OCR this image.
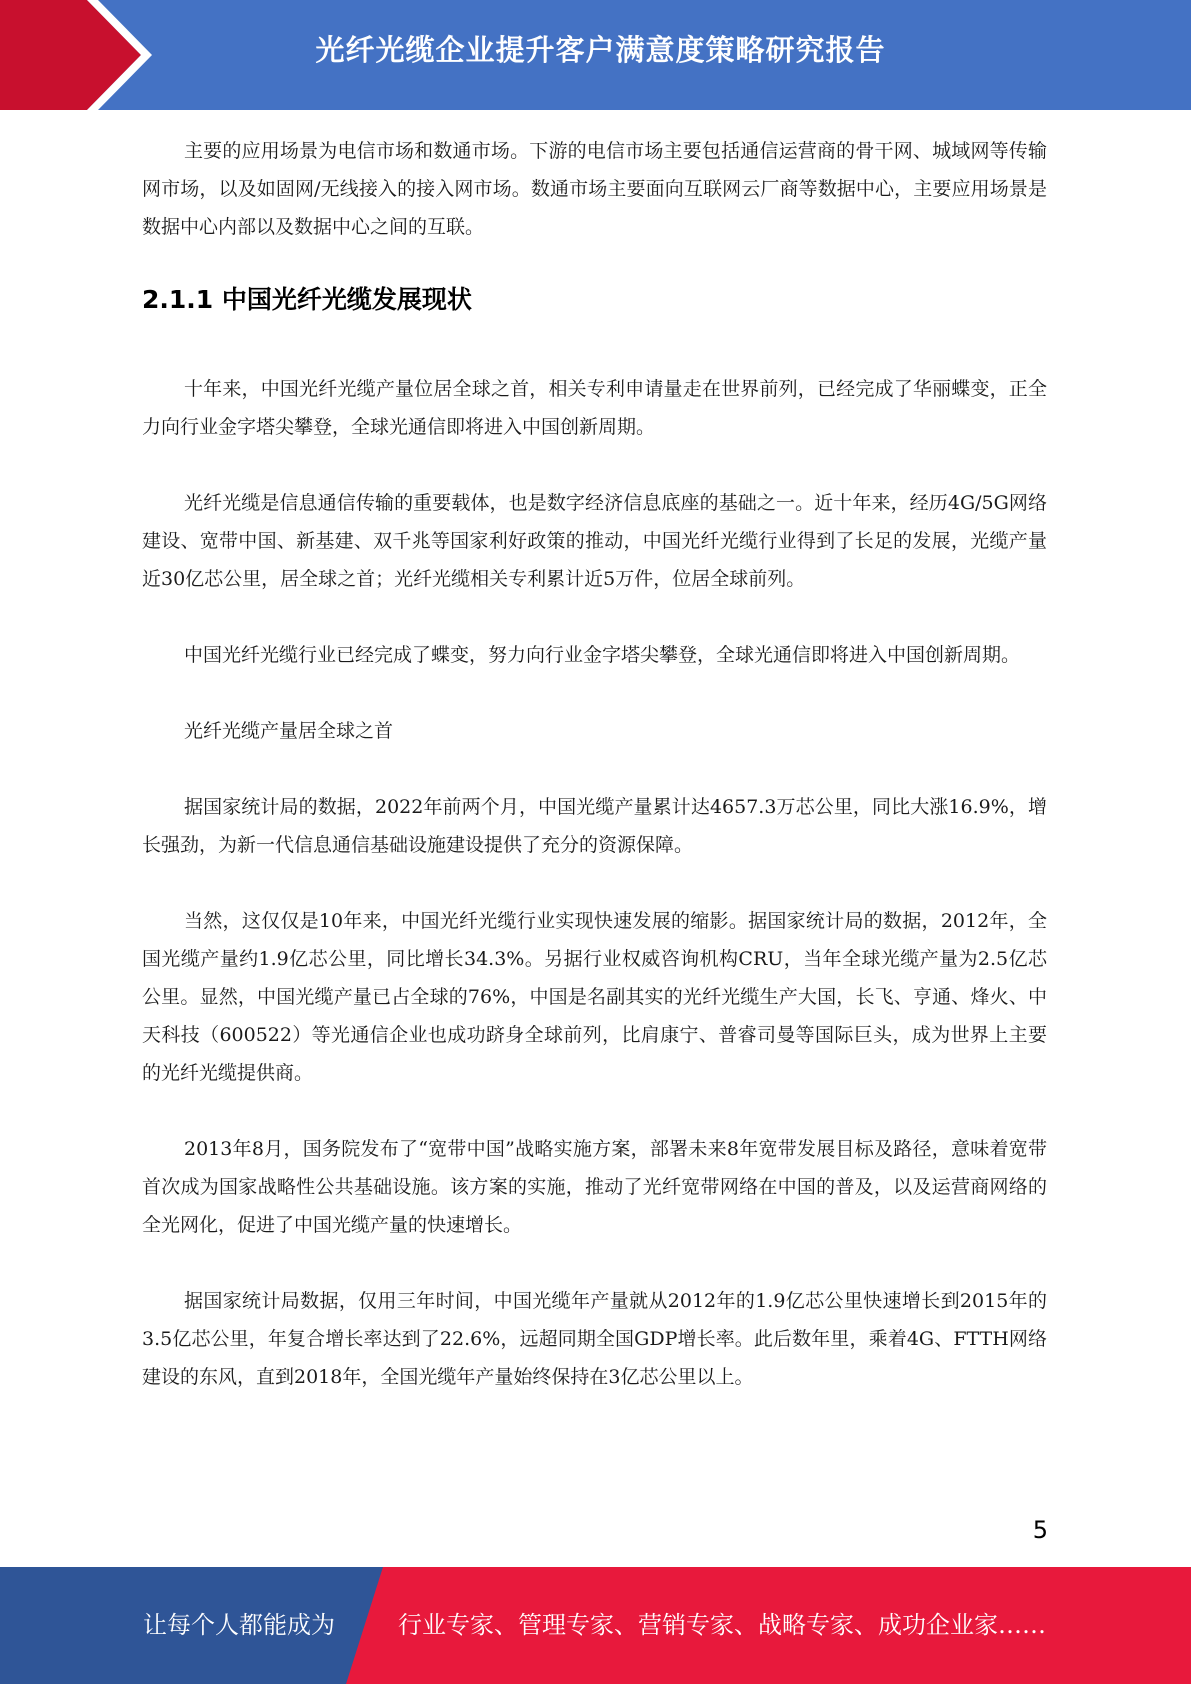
光纤光缆企业提升客户满意度策略研究报告

主要的应用场景为电信市场和数通市场。下游的电信市场主要包括通信运营商的骨干网、城域网等传输网市场，以及如固网/无线接入的接入网市场。数通市场主要面向互联网云厂商等数据中心，主要应用场景是数据中心内部以及数据中心之间的互联。

2.1.1 中国光纤光缆发展现状

十年来，中国光纤光缆产量位居全球之首，相关专利申请量走在世界前列，已经完成了华丽蝶变，正全力向行业金字塔尖攀登，全球光通信即将进入中国创新周期。

光纤光缆是信息通信传输的重要载体，也是数字经济信息底座的基础之一。近十年来，经历4G/5G网络建设、宽带中国、新基建、双千兆等国家利好政策的推动，中国光纤光缆行业得到了长足的发展，光缆产量近30亿芯公里，居全球之首；光纤光缆相关专利累计近5万件，位居全球前列。

中国光纤光缆行业已经完成了蝶变，努力向行业金字塔尖攀登，全球光通信即将进入中国创新周期。

光纤光缆产量居全球之首

据国家统计局的数据，2022年前两个月，中国光缆产量累计达4657.3万芯公里，同比大涨16.9%，增长强劲，为新一代信息通信基础设施建设提供了充分的资源保障。

当然，这仅仅是10年来，中国光纤光缆行业实现快速发展的缩影。据国家统计局的数据，2012年，全国光缆产量约1.9亿芯公里，同比增长34.3%。另据行业权威咨询机构CRU，当年全球光缆产量为2.5亿芯公里。显然，中国光缆产量已占全球的76%，中国是名副其实的光纤光缆生产大国，长飞、亨通、烽火、中天科技（600522）等光通信企业也成功跻身全球前列，比肩康宁、普睿司曼等国际巨头，成为世界上主要的光纤光缆提供商。

2013年8月，国务院发布了“宽带中国”战略实施方案，部署未来8年宽带发展目标及路径，意味着宽带首次成为国家战略性公共基础设施。该方案的实施，推动了光纤宽带网络在中国的普及，以及运营商网络的全光网化，促进了中国光缆产量的快速增长。

据国家统计局数据，仅用三年时间，中国光缆年产量就从2012年的1.9亿芯公里快速增长到2015年的3.5亿芯公里，年复合增长率达到了22.6%，远超同期全国GDP增长率。此后数年里，乘着4G、FTTH网络建设的东风，直到2018年，全国光缆年产量始终保持在3亿芯公里以上。

5
让每个人都能成为	行业专家、管理专家、营销专家、战略专家、成功企业家……
